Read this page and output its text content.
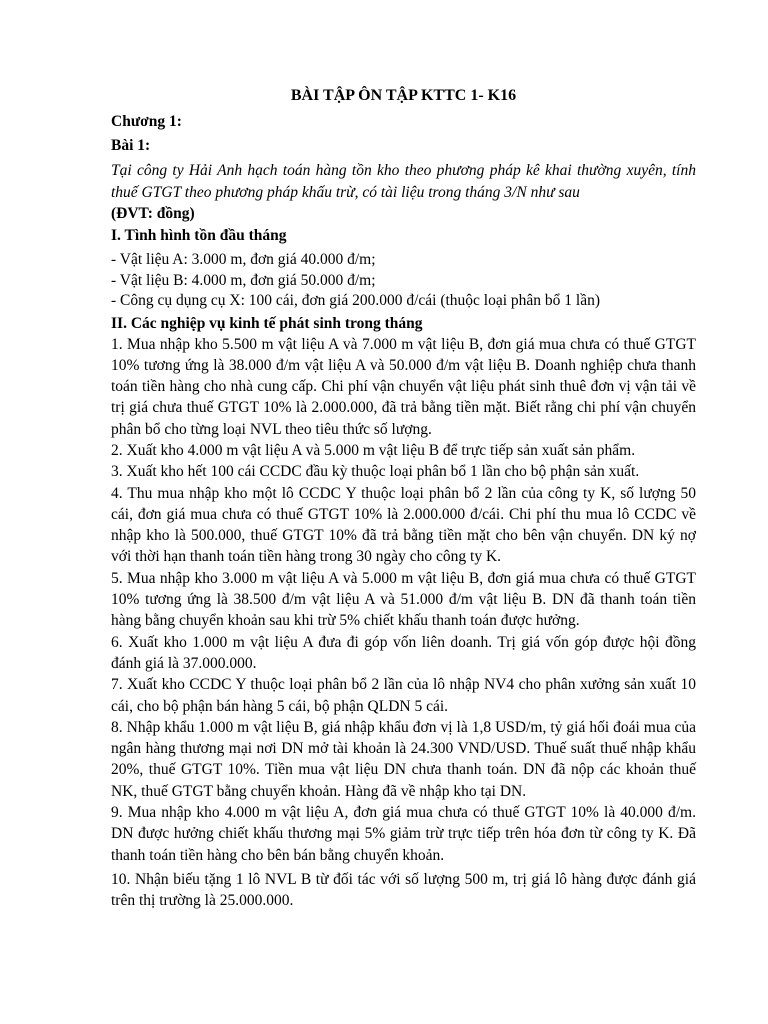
BÀI TẬP ÔN TẬP KTTC 1- K16

Chương 1:

Bài 1:

Tại công ty Hải Anh hạch toán hàng tồn kho theo phương pháp kê khai thường xuyên, tính thuế GTGT theo phương pháp khấu trừ, có tài liệu trong tháng 3/N như sau

(ĐVT: đồng)

I. Tình hình tồn đầu tháng

- Vật liệu A: 3.000 m, đơn giá 40.000 đ/m;

- Vật liệu B: 4.000 m, đơn giá 50.000 đ/m;

- Công cụ dụng cụ X: 100 cái, đơn giá 200.000 đ/cái (thuộc loại phân bổ 1 lần)

II. Các nghiệp vụ kinh tế phát sinh trong tháng

1. Mua nhập kho 5.500 m vật liệu A và 7.000 m vật liệu B, đơn giá mua chưa có thuế GTGT 10% tương ứng là 38.000 đ/m vật liệu A và 50.000 đ/m vật liệu B. Doanh nghiệp chưa thanh toán tiền hàng cho nhà cung cấp. Chi phí vận chuyển vật liệu phát sinh thuê đơn vị vận tải về trị giá chưa thuế GTGT 10% là 2.000.000, đã trả bằng tiền mặt. Biết rằng chi phí vận chuyển phân bổ cho từng loại NVL theo tiêu thức số lượng.

2. Xuất kho 4.000 m vật liệu A và 5.000 m vật liệu B để trực tiếp sản xuất sản phẩm.

3. Xuất kho hết 100 cái CCDC đầu kỳ thuộc loại phân bổ 1 lần cho bộ phận sản xuất.

4. Thu mua nhập kho một lô CCDC Y thuộc loại phân bổ 2 lần của công ty K, số lượng 50 cái, đơn giá mua chưa có thuế GTGT 10% là 2.000.000 đ/cái. Chi phí thu mua lô CCDC về nhập kho là 500.000, thuế GTGT 10% đã trả bằng tiền mặt cho bên vận chuyển. DN ký nợ với thời hạn thanh toán tiền hàng trong 30 ngày cho công ty K.

5. Mua nhập kho 3.000 m vật liệu A và 5.000 m vật liệu B, đơn giá mua chưa có thuế GTGT 10% tương ứng là 38.500 đ/m vật liệu A và 51.000 đ/m vật liệu B. DN đã thanh toán tiền hàng bằng chuyển khoản sau khi trừ 5% chiết khấu thanh toán được hưởng.

6. Xuất kho 1.000 m vật liệu A đưa đi góp vốn liên doanh. Trị giá vốn góp được hội đồng đánh giá là 37.000.000.

7. Xuất kho CCDC Y thuộc loại phân bổ 2 lần của lô nhập NV4 cho phân xưởng sản xuất 10 cái, cho bộ phận bán hàng 5 cái, bộ phận QLDN 5 cái.

8. Nhập khẩu 1.000 m vật liệu B, giá nhập khẩu đơn vị là 1,8 USD/m, tỷ giá hối đoái mua của ngân hàng thương mại nơi DN mở tài khoản là 24.300 VND/USD. Thuế suất thuế nhập khẩu 20%, thuế GTGT 10%. Tiền mua vật liệu DN chưa thanh toán. DN đã nộp các khoản thuế NK, thuế GTGT bằng chuyển khoản. Hàng đã về nhập kho tại DN.

9. Mua nhập kho 4.000 m vật liệu A, đơn giá mua chưa có thuế GTGT 10% là 40.000 đ/m. DN được hưởng chiết khấu thương mại 5% giảm trừ trực tiếp trên hóa đơn từ công ty K. Đã thanh toán tiền hàng cho bên bán bằng chuyển khoản.

10. Nhận biếu tặng 1 lô NVL B từ đối tác với số lượng 500 m, trị giá lô hàng được đánh giá trên thị trường là 25.000.000.
